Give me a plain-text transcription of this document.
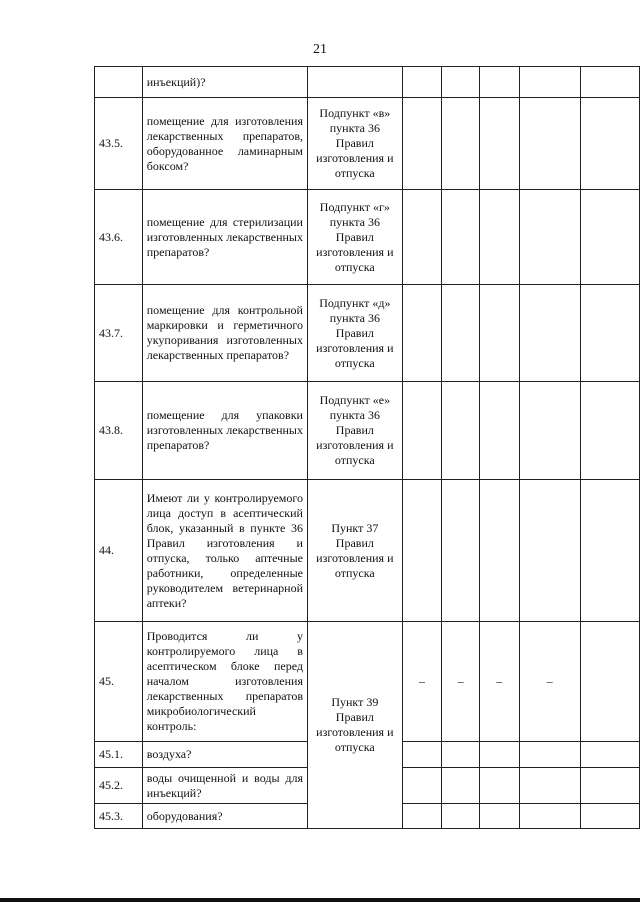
21
	инъекций)?						
43.5.	помещение для изготовления лекарственных препаратов, оборудованное ламинарным боксом?	Подпункт «в» пункта 36 Правил изготовления и отпуска					
43.6.	помещение для стерилизации изготовленных лекарственных препаратов?	Подпункт «г» пункта 36 Правил изготовления и отпуска					
43.7.	помещение для контрольной маркировки и герметичного укупоривания изготовленных лекарственных препаратов?	Подпункт «д» пункта 36 Правил изготовления и отпуска					
43.8.	помещение для упаковки изготовленных лекарственных препаратов?	Подпункт «е» пункта 36 Правил изготовления и отпуска					
44.	Имеют ли у контролируемого лица доступ в асептический блок, указанный в пункте 36 Правил изготовления и отпуска, только аптечные работники, определенные руководителем ветеринарной аптеки?	Пункт 37 Правил изготовления и отпуска					
45.	Проводится ли у контролируемого лица в асептическом блоке перед началом изготовления лекарственных препаратов микробиологический контроль:	Пункт 39 Правил изготовления и отпуска	–	–	–	–	
45.1.	воздуха?						
45.2.	воды очищенной и воды для инъекций?						
45.3.	оборудования?						
